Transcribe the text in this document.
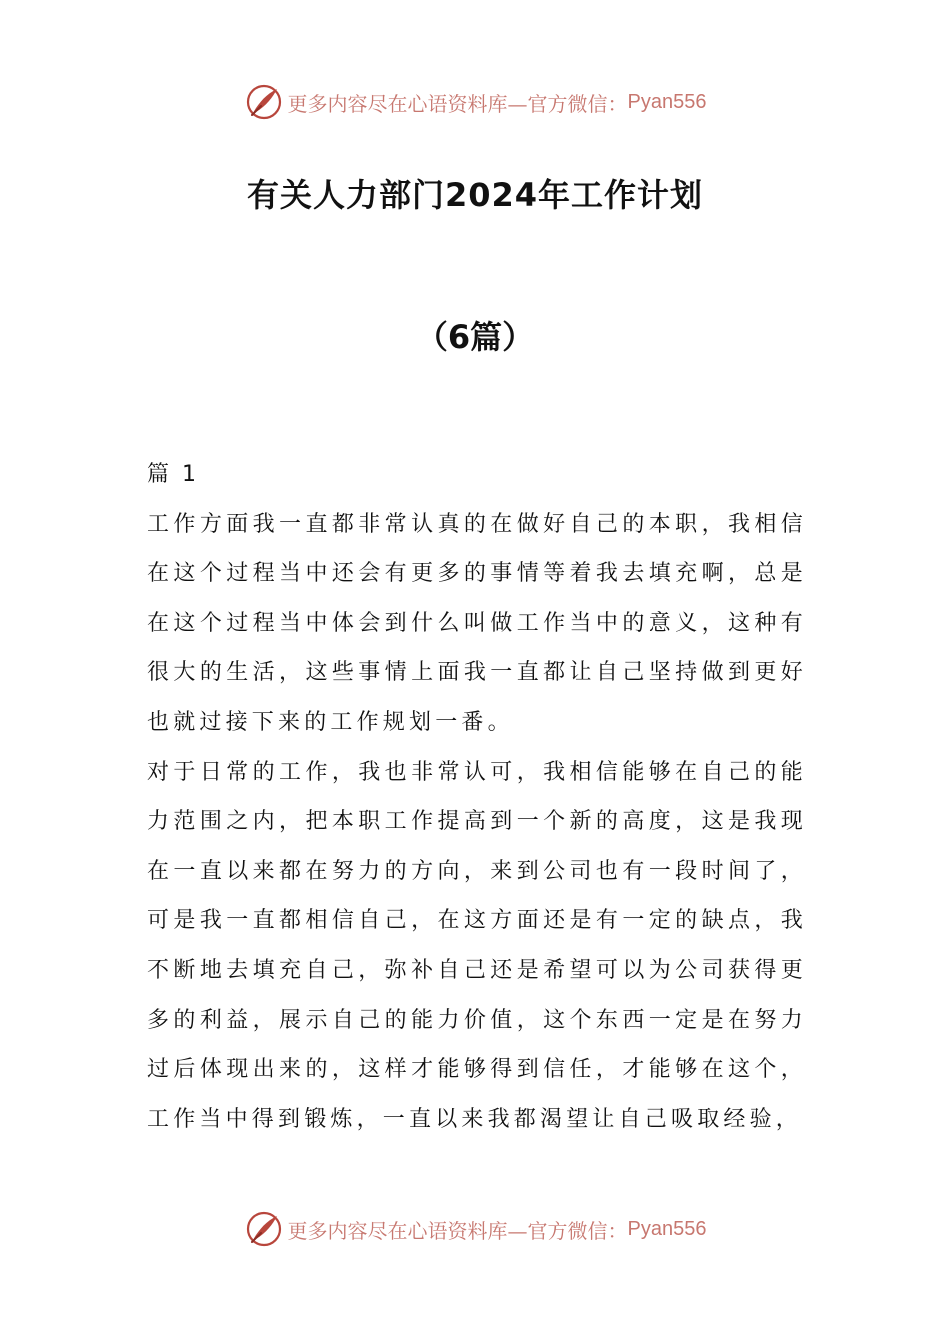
更多内容尽在心语资料库—官方微信： Pyan556
有关人力部门2024年工作计划
（6篇）

篇 1

工作方面我一直都非常认真的在做好自己的本职，我相信在这个过程当中还会有更多的事情等着我去填充啊，总是在这个过程当中体会到什么叫做工作当中的意义，这种有很大的生活，这些事情上面我一直都让自己坚持做到更好也就过接下来的工作规划一番。

对于日常的工作，我也非常认可，我相信能够在自己的能力范围之内，把本职工作提高到一个新的高度，这是我现在一直以来都在努力的方向，来到公司也有一段时间了，可是我一直都相信自己，在这方面还是有一定的缺点，我不断地去填充自己，弥补自己还是希望可以为公司获得更多的利益，展示自己的能力价值，这个东西一定是在努力过后体现出来的，这样才能够得到信任，才能够在这个，工作当中得到锻炼，一直以来我都渴望让自己吸取经验，

更多内容尽在心语资料库—官方微信： Pyan556
